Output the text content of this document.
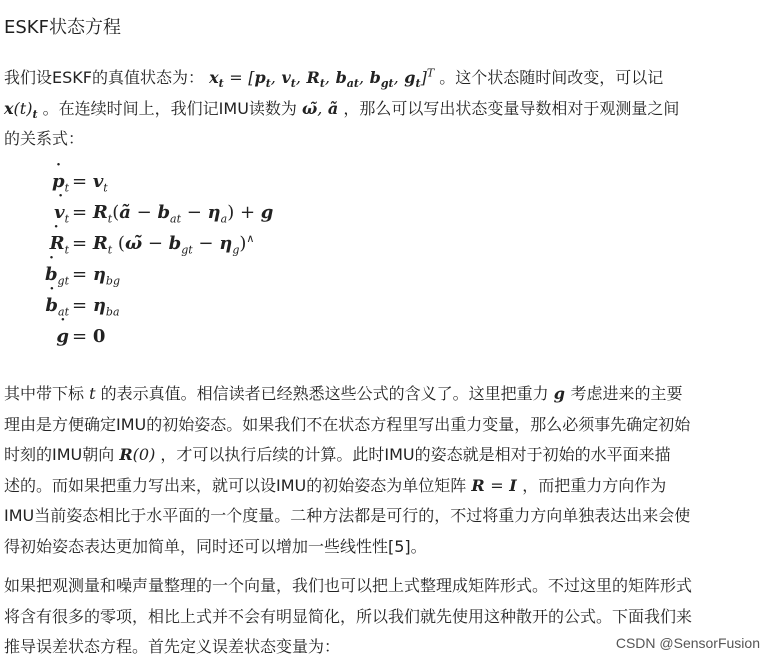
ESKF状态方程
我们设ESKF的真值状态为： $x_t = [p_t$, $v_t$, $R_t$, $b_{at}$, $b_{gt}$, $g_t]^T$ 。这个状态随时间改变，可以记
$x(t)_t$ 。在连续时间上，我们记IMU读数为 ω̃, ã ，那么可以写出状态变量导数相对于观测量之间
的关系式：
˙ $p_t = v_t$
˙ $v_t$ = $R_t(ã - b_{at} - \eta_a) + g$
˙ $R_t = R_t$ (ω̃ − $b_{gt} - \eta_g)^\wedge$
˙ $b_{gt} = \eta_{bg}$
˙ $b_{at} = \eta_{ba}$
˙ g = 0
其中带下标 t 的表示真值。相信读者已经熟悉这些公式的含义了。这里把重力 g 考虑进来的主要
理由是方便确定IMU的初始姿态。如果我们不在状态方程里写出重力变量，那么必须事先确定初始
时刻的IMU朝向 R(0) ，才可以执行后续的计算。此时IMU的姿态就是相对于初始的水平面来描
述的。而如果把重力写出来，就可以设IMU的初始姿态为单位矩阵 R = I ，而把重力方向作为
IMU当前姿态相比于水平面的一个度量。二种方法都是可行的，不过将重力方向单独表达出来会使
得初始姿态表达更加简单，同时还可以增加一些线性性[5]。
如果把观测量和噪声量整理的一个向量，我们也可以把上式整理成矩阵形式。不过这里的矩阵形式
将含有很多的零项，相比上式并不会有明显简化，所以我们就先使用这种散开的公式。下面我们来
推导误差状态方程。首先定义误差状态变量为：	CSDN @SensorFusion
